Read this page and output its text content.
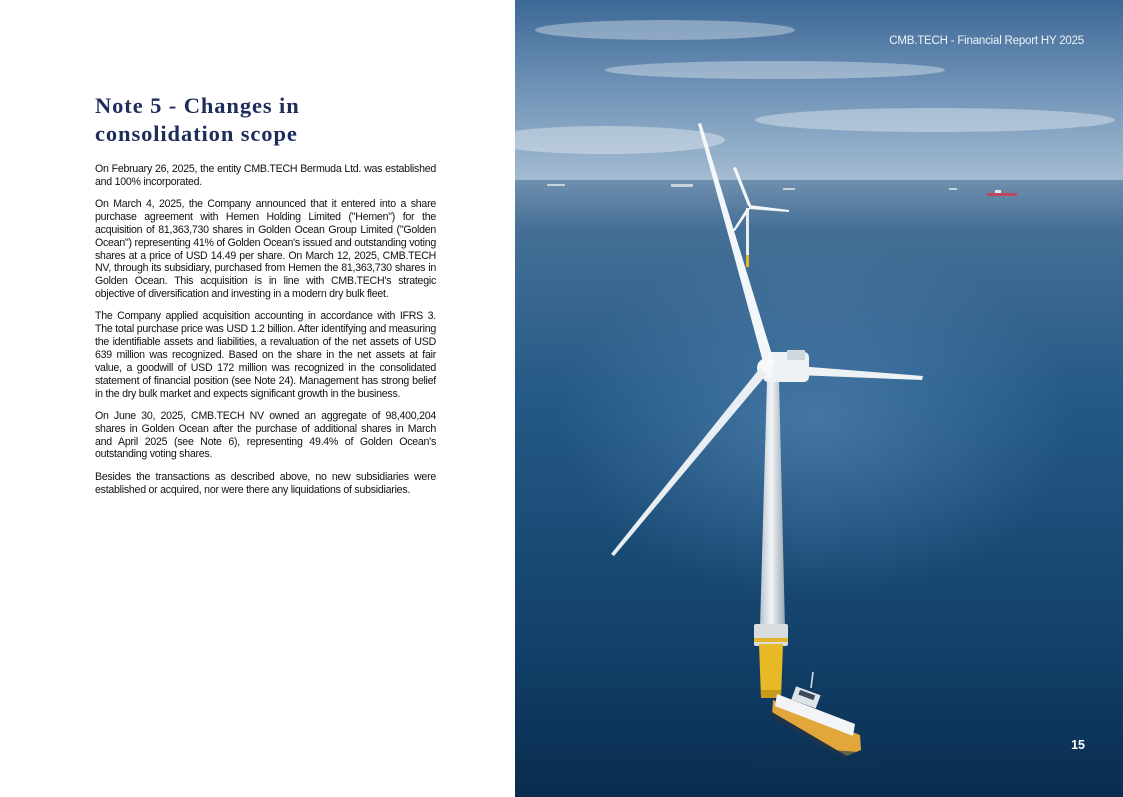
Note 5 - Changes in
consolidation scope

On February 26, 2025, the entity CMB.TECH Bermuda Ltd. was established and 100% incorporated.

On March 4, 2025, the Company announced that it entered into a share purchase agreement with Hemen Holding Limited ("Hemen") for the acquisition of 81,363,730 shares in Golden Ocean Group Limited ("Golden Ocean") representing 41% of Golden Ocean's issued and outstanding voting shares at a price of USD 14.49 per share. On March 12, 2025, CMB.TECH NV, through its subsidiary, purchased from Hemen the 81,363,730 shares in Golden Ocean. This acquisition is in line with CMB.TECH's strategic objective of diversification and investing in a modern dry bulk fleet.

The Company applied acquisition accounting in accordance with IFRS 3. The total purchase price was USD 1.2 billion. After identifying and measuring the identifiable assets and liabilities, a revaluation of the net assets of USD 639 million was recognized. Based on the share in the net assets at fair value, a goodwill of USD 172 million was recognized in the consolidated statement of financial position (see Note 24). Management has strong belief in the dry bulk market and expects significant growth in the business.

On June 30, 2025, CMB.TECH NV owned an aggregate of 98,400,204 shares in Golden Ocean after the purchase of additional shares in March and April 2025 (see Note 6), representing 49.4% of Golden Ocean's outstanding voting shares.

Besides the transactions as described above, no new subsidiaries were established or acquired, nor were there any liquidations of subsidiaries.

CMB.TECH - Financial Report HY 2025
15
